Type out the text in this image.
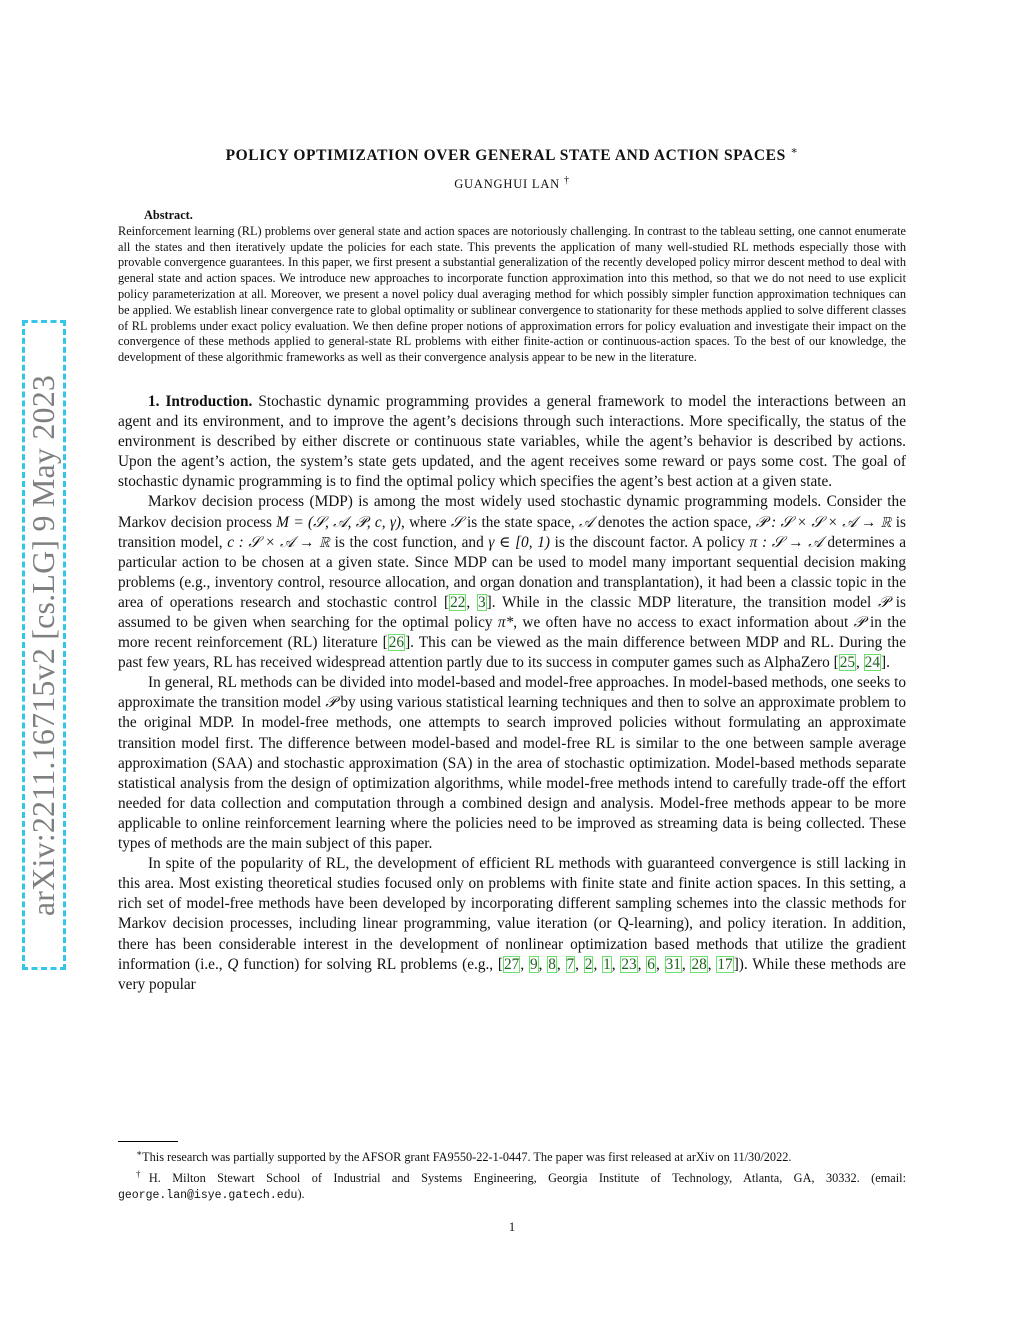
arXiv:2211.16715v2 [cs.LG] 9 May 2023
POLICY OPTIMIZATION OVER GENERAL STATE AND ACTION SPACES ∗
GUANGHUI LAN †
Abstract.
Reinforcement learning (RL) problems over general state and action spaces are notoriously challenging. In contrast to the tableau setting, one cannot enumerate all the states and then iteratively update the policies for each state. This prevents the application of many well-studied RL methods especially those with provable convergence guarantees. In this paper, we first present a substantial generalization of the recently developed policy mirror descent method to deal with general state and action spaces. We introduce new approaches to incorporate function approximation into this method, so that we do not need to use explicit policy parameterization at all. Moreover, we present a novel policy dual averaging method for which possibly simpler function approximation techniques can be applied. We establish linear convergence rate to global optimality or sublinear convergence to stationarity for these methods applied to solve different classes of RL problems under exact policy evaluation. We then define proper notions of approximation errors for policy evaluation and investigate their impact on the convergence of these methods applied to general-state RL problems with either finite-action or continuous-action spaces. To the best of our knowledge, the development of these algorithmic frameworks as well as their convergence analysis appear to be new in the literature.

1. Introduction. Stochastic dynamic programming provides a general framework to model the interactions between an agent and its environment, and to improve the agent’s decisions through such interactions. More specifically, the status of the environment is described by either discrete or continuous state variables, while the agent’s behavior is described by actions. Upon the agent’s action, the system’s state gets updated, and the agent receives some reward or pays some cost. The goal of stochastic dynamic programming is to find the optimal policy which specifies the agent’s best action at a given state.

Markov decision process (MDP) is among the most widely used stochastic dynamic programming models. Consider the Markov decision process M = (𝒮, 𝒜, 𝒫, c, γ), where 𝒮 is the state space, 𝒜 denotes the action space, 𝒫 : 𝒮 × 𝒮 × 𝒜 → ℝ is transition model, c : 𝒮 × 𝒜 → ℝ is the cost function, and γ ∈ [0, 1) is the discount factor. A policy π : 𝒮 → 𝒜 determines a particular action to be chosen at a given state. Since MDP can be used to model many important sequential decision making problems (e.g., inventory control, resource allocation, and organ donation and transplantation), it had been a classic topic in the area of operations research and stochastic control [22, 3]. While in the classic MDP literature, the transition model 𝒫 is assumed to be given when searching for the optimal policy π*, we often have no access to exact information about 𝒫 in the more recent reinforcement (RL) literature [26]. This can be viewed as the main difference between MDP and RL. During the past few years, RL has received widespread attention partly due to its success in computer games such as AlphaZero [25, 24].

In general, RL methods can be divided into model-based and model-free approaches. In model-based methods, one seeks to approximate the transition model 𝒫 by using various statistical learning techniques and then to solve an approximate problem to the original MDP. In model-free methods, one attempts to search improved policies without formulating an approximate transition model first. The difference between model-based and model-free RL is similar to the one between sample average approximation (SAA) and stochastic approximation (SA) in the area of stochastic optimization. Model-based methods separate statistical analysis from the design of optimization algorithms, while model-free methods intend to carefully trade-off the effort needed for data collection and computation through a combined design and analysis. Model-free methods appear to be more applicable to online reinforcement learning where the policies need to be improved as streaming data is being collected. These types of methods are the main subject of this paper.

In spite of the popularity of RL, the development of efficient RL methods with guaranteed convergence is still lacking in this area. Most existing theoretical studies focused only on problems with finite state and finite action spaces. In this setting, a rich set of model-free methods have been developed by incorporating different sampling schemes into the classic methods for Markov decision processes, including linear programming, value iteration (or Q-learning), and policy iteration. In addition, there has been considerable interest in the development of nonlinear optimization based methods that utilize the gradient information (i.e., Q function) for solving RL problems (e.g., [27, 9, 8, 7, 2, 1, 23, 6, 31, 28, 17]). While these methods are very popular

∗This research was partially supported by the AFSOR grant FA9550-22-1-0447. The paper was first released at arXiv on 11/30/2022.

†H. Milton Stewart School of Industrial and Systems Engineering, Georgia Institute of Technology, Atlanta, GA, 30332. (email: george.lan@isye.gatech.edu).

1
